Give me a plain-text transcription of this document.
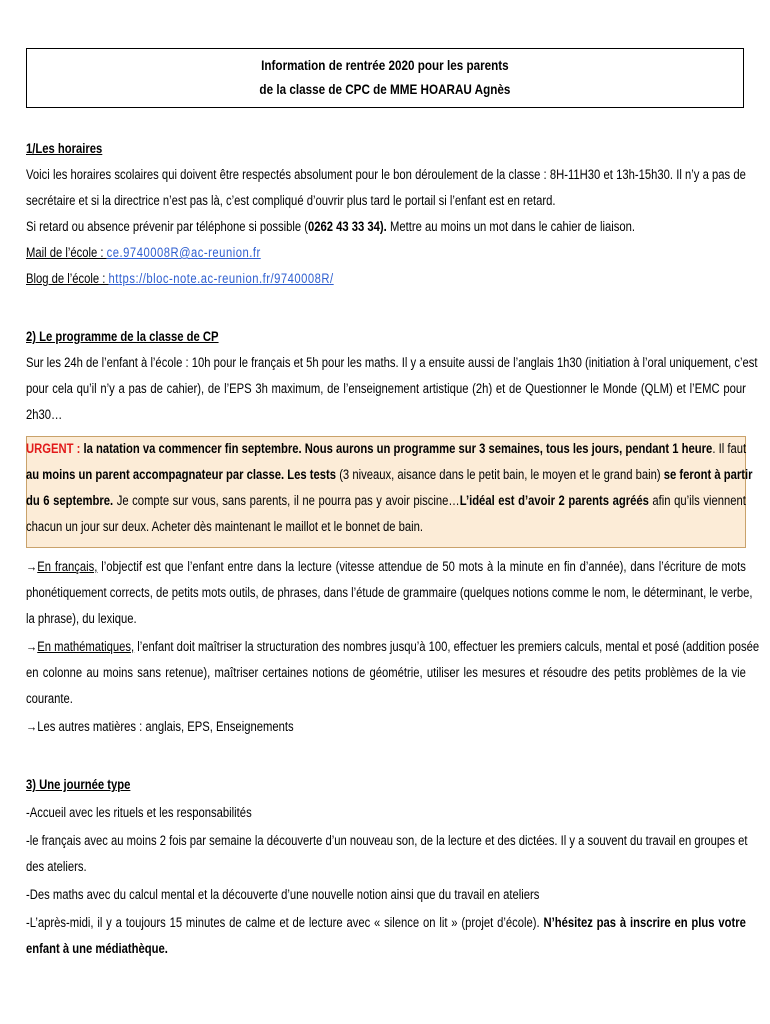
Information de rentrée 2020 pour les parents
de la classe de CPC de MME HOARAU Agnès
1/Les horaires
Voici les horaires scolaires qui doivent être respectés absolument pour le bon déroulement de la classe : 8H-11H30 et 13h-15h30. Il n’y a pas de
secrétaire et si la directrice n’est pas là, c’est compliqué d’ouvrir plus tard le portail si l’enfant est en retard.
Si retard ou absence prévenir par téléphone si possible (0262 43 33 34). Mettre au moins un mot dans le cahier de liaison.
Mail de l’école : ce.9740008R@ac-reunion.fr
Blog de l’école : https://bloc-note.ac-reunion.fr/9740008R/
2) Le programme de la classe de CP
Sur les 24h de l’enfant à l’école : 10h pour le français et 5h pour les maths. Il y a ensuite aussi de l’anglais 1h30 (initiation à l’oral uniquement, c’est
pour cela qu’il n’y a pas de cahier), de l’EPS 3h maximum, de l’enseignement artistique (2h) et de Questionner le Monde (QLM) et l’EMC pour
2h30…
URGENT : la natation va commencer fin septembre. Nous aurons un programme sur 3 semaines, tous les jours, pendant 1 heure. Il faut
au moins un parent accompagnateur par classe. Les tests (3 niveaux, aisance dans le petit bain, le moyen et le grand bain) se feront à partir
du 6 septembre. Je compte sur vous, sans parents, il ne pourra pas y avoir piscine…L’idéal est d’avoir 2 parents agréés afin qu’ils viennent
chacun un jour sur deux. Acheter dès maintenant le maillot et le bonnet de bain.
→En français, l’objectif est que l’enfant entre dans la lecture (vitesse attendue de 50 mots à la minute en fin d’année), dans l’écriture de mots
phonétiquement corrects, de petits mots outils, de phrases, dans l’étude de grammaire (quelques notions comme le nom, le déterminant, le verbe,
la phrase), du lexique.
→En mathématiques, l’enfant doit maîtriser la structuration des nombres jusqu’à 100, effectuer les premiers calculs, mental et posé (addition posée
en colonne au moins sans retenue), maîtriser certaines notions de géométrie, utiliser les mesures et résoudre des petits problèmes de la vie
courante.
→Les autres matières : anglais, EPS, Enseignements
3) Une journée type
-Accueil avec les rituels et les responsabilités
-le français avec au moins 2 fois par semaine la découverte d’un nouveau son, de la lecture et des dictées. Il y a souvent du travail en groupes et
des ateliers.
-Des maths avec du calcul mental et la découverte d’une nouvelle notion ainsi que du travail en ateliers
-L’après-midi, il y a toujours 15 minutes de calme et de lecture avec « silence on lit » (projet d’école). N’hésitez pas à inscrire en plus votre
enfant à une médiathèque.
